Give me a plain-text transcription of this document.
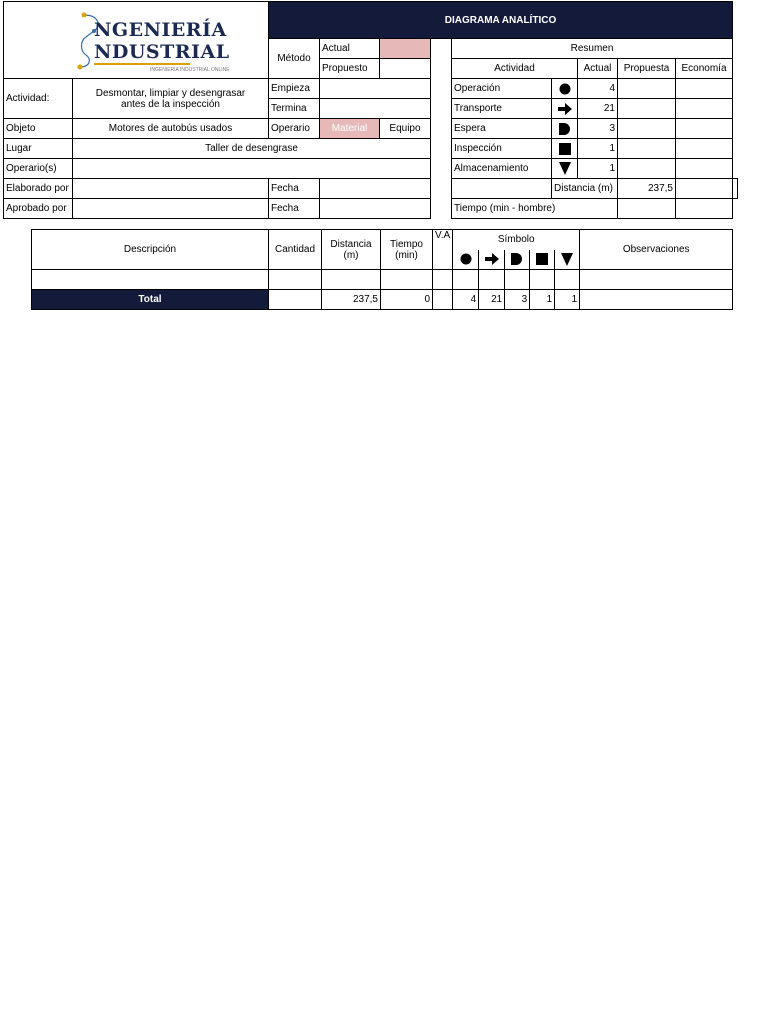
NGENIERÍA
NDUSTRIAL
INGENIERIA INDUSTRIAL ONLINE		DIAGRAMA ANALÍTICO									
		Método	Actual			Resumen					
			Propuesto			Actividad		Actual	Propuesta	Economía	
Actividad:	Desmontar, limpiar y desengrasar antes de la inspección	Empieza				Operación		4			
		Termina				Transporte		21			
Objeto	Motores de autobús usados	Operario	Material	Equipo		Espera		3			
Lugar	Taller de desengrase					Inspección		1			
Operario(s)						Almacenamiento		1			
Elaborado por		Fecha					Distancia (m)		237,5		
Aprobado por		Fecha				Tiempo (min - hombre)					
Descripción	Cantidad	Distancia (m)	Tiempo (min)	V.A	Símbolo					Observaciones

Total		237,5	0		4	21	3	1	1	
